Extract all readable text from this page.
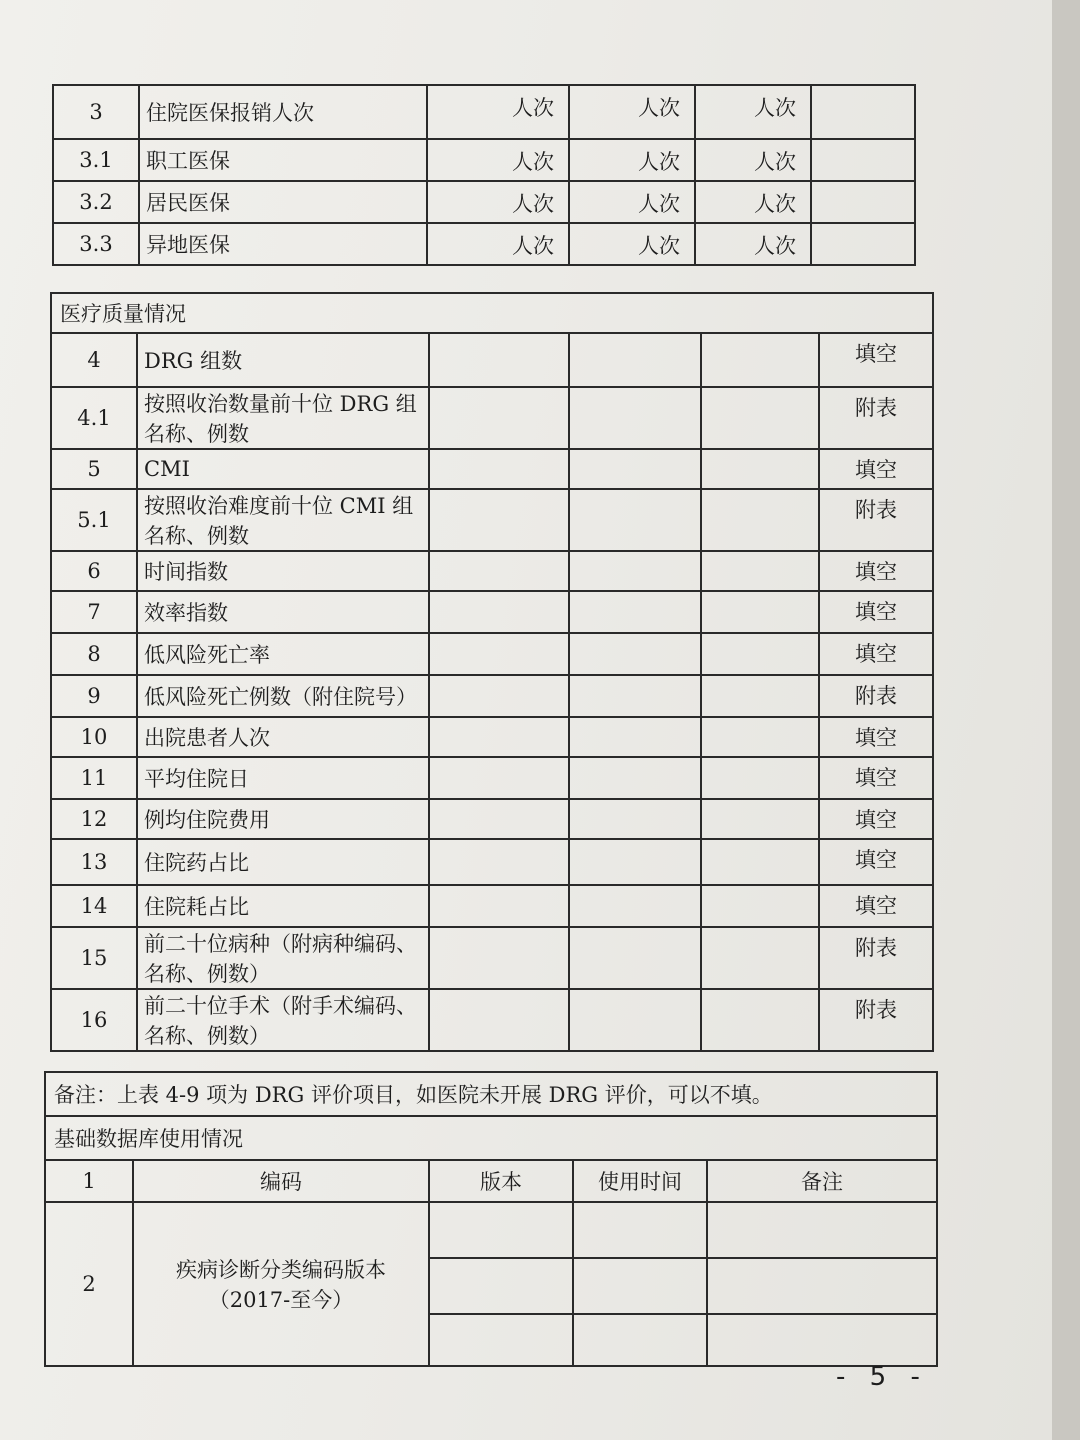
3	住院医保报销人次	人次	人次	人次	
3.1	职工医保	人次	人次	人次	
3.2	居民医保	人次	人次	人次	
3.3	异地医保	人次	人次	人次	
医疗质量情况					
4	DRG 组数				填空
4.1	按照收治数量前十位 DRG 组名称、例数				附表
5	CMI				填空
5.1	按照收治难度前十位 CMI 组名称、例数				附表
6	时间指数				填空
7	效率指数				填空
8	低风险死亡率				填空
9	低风险死亡例数（附住院号）				附表
10	出院患者人次				填空
11	平均住院日				填空
12	例均住院费用				填空
13	住院药占比				填空
14	住院耗占比				填空
15	前二十位病种（附病种编码、名称、例数）				附表
16	前二十位手术（附手术编码、名称、例数）				附表
备注：上表 4-9 项为 DRG 评价项目，如医院未开展 DRG 评价，可以不填。				
基础数据库使用情况				
1	编码	版本	使用时间	备注
2	疾病诊断分类编码版本
（2017-至今）			

- 5 -
